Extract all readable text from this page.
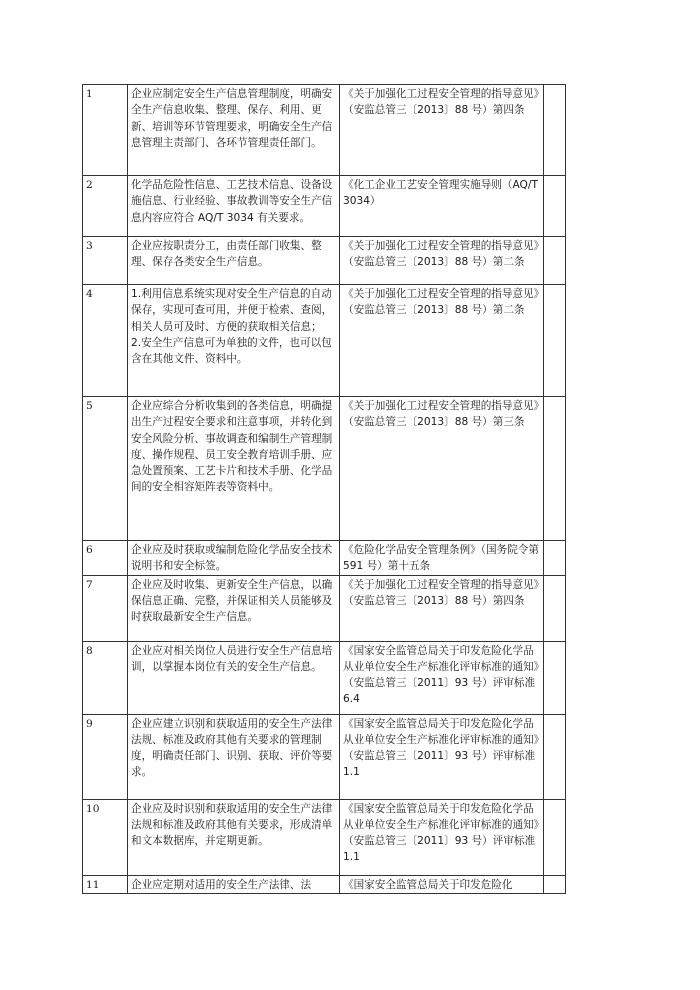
1	企业应制定安全生产信息管理制度，明确安全生产信息收集、整理、保存、利用、更新、培训等环节管理要求，明确安全生产信息管理主责部门、各环节管理责任部门。	《关于加强化工过程安全管理的指导意见》（安监总管三〔2013〕88 号）第四条	
2	化学品危险性信息、工艺技术信息、设备设施信息、行业经验、事故教训等安全生产信息内容应符合 AQ/T 3034 有关要求。	《化工企业工艺安全管理实施导则（AQ/T 3034）	
3	企业应按职责分工，由责任部门收集、整理、保存各类安全生产信息。	《关于加强化工过程安全管理的指导意见》（安监总管三〔2013〕88 号）第二条	
4	1.利用信息系统实现对安全生产信息的自动保存，实现可查可用，并便于检索、查阅，相关人员可及时、方便的获取相关信息；
2.安全生产信息可为单独的文件，也可以包含在其他文件、资料中。	《关于加强化工过程安全管理的指导意见》（安监总管三〔2013〕88 号）第二条	
5	企业应综合分析收集到的各类信息，明确提出生产过程安全要求和注意事项，并转化到安全风险分析、事故调查和编制生产管理制度、操作规程、员工安全教育培训手册、应急处置预案、工艺卡片和技术手册、化学品间的安全相容矩阵表等资料中。	《关于加强化工过程安全管理的指导意见》（安监总管三〔2013〕88 号）第三条	
6	企业应及时获取或编制危险化学品安全技术说明书和安全标签。	《危险化学品安全管理条例》（国务院令第 591 号）第十五条	
7	企业应及时收集、更新安全生产信息，以确保信息正确、完整，并保证相关人员能够及时获取最新安全生产信息。	《关于加强化工过程安全管理的指导意见》（安监总管三〔2013〕88 号）第四条	
8	企业应对相关岗位人员进行安全生产信息培训，以掌握本岗位有关的安全生产信息。	《国家安全监管总局关于印发危险化学品从业单位安全生产标准化评审标准的通知》（安监总管三〔2011〕93 号）评审标准 6.4	
9	企业应建立识别和获取适用的安全生产法律法规、标准及政府其他有关要求的管理制度，明确责任部门、识别、获取、评价等要求。	《国家安全监管总局关于印发危险化学品从业单位安全生产标准化评审标准的通知》（安监总管三〔2011〕93 号）评审标准 1.1	
10	企业应及时识别和获取适用的安全生产法律法规和标准及政府其他有关要求，形成清单和文本数据库，并定期更新。	《国家安全监管总局关于印发危险化学品从业单位安全生产标准化评审标准的通知》（安监总管三〔2011〕93 号）评审标准 1.1	
11	企业应定期对适用的安全生产法律、法	《国家安全监管总局关于印发危险化	
